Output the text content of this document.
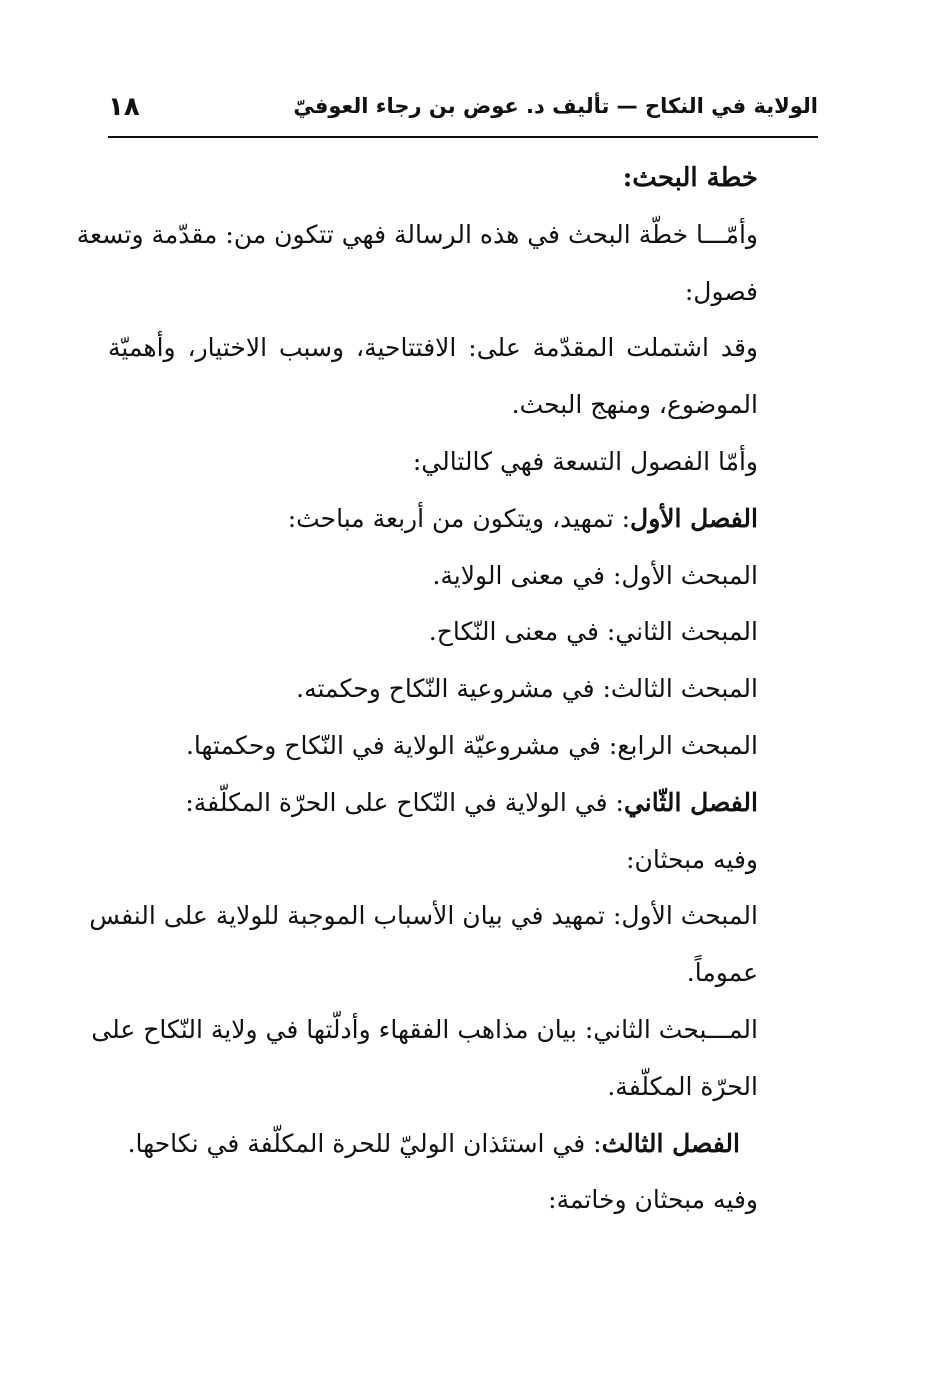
الولاية في النكاح — تأليف د. عوض بن رجاء العوفيّ
١٨
خطة البحث:
وأمّـــا خطّة البحث في هذه الرسالة فهي تتكون من: مقدّمة وتسعة
فصول:
وقد اشتملت المقدّمة على: الافتتاحية، وسبب الاختيار، وأهميّة
الموضوع، ومنهج البحث.
وأمّا الفصول التسعة فهي كالتالي:
الفصل الأول: تمهيد، ويتكون من أربعة مباحث:
المبحث الأول: في معنى الولاية.
المبحث الثاني: في معنى النّكاح.
المبحث الثالث: في مشروعية النّكاح وحكمته.
المبحث الرابع: في مشروعيّة الولاية في النّكاح وحكمتها.
الفصل الثّاني: في الولاية في النّكاح على الحرّة المكلّفة:
وفيه مبحثان:
المبحث الأول: تمهيد في بيان الأسباب الموجبة للولاية على النفس
عموماً.
المـــبحث الثاني: بيان مذاهب الفقهاء وأدلّتها في ولاية النّكاح على
الحرّة المكلّفة.
الفصل الثالث: في استئذان الوليّ للحرة المكلّفة في نكاحها.
وفيه مبحثان وخاتمة:
